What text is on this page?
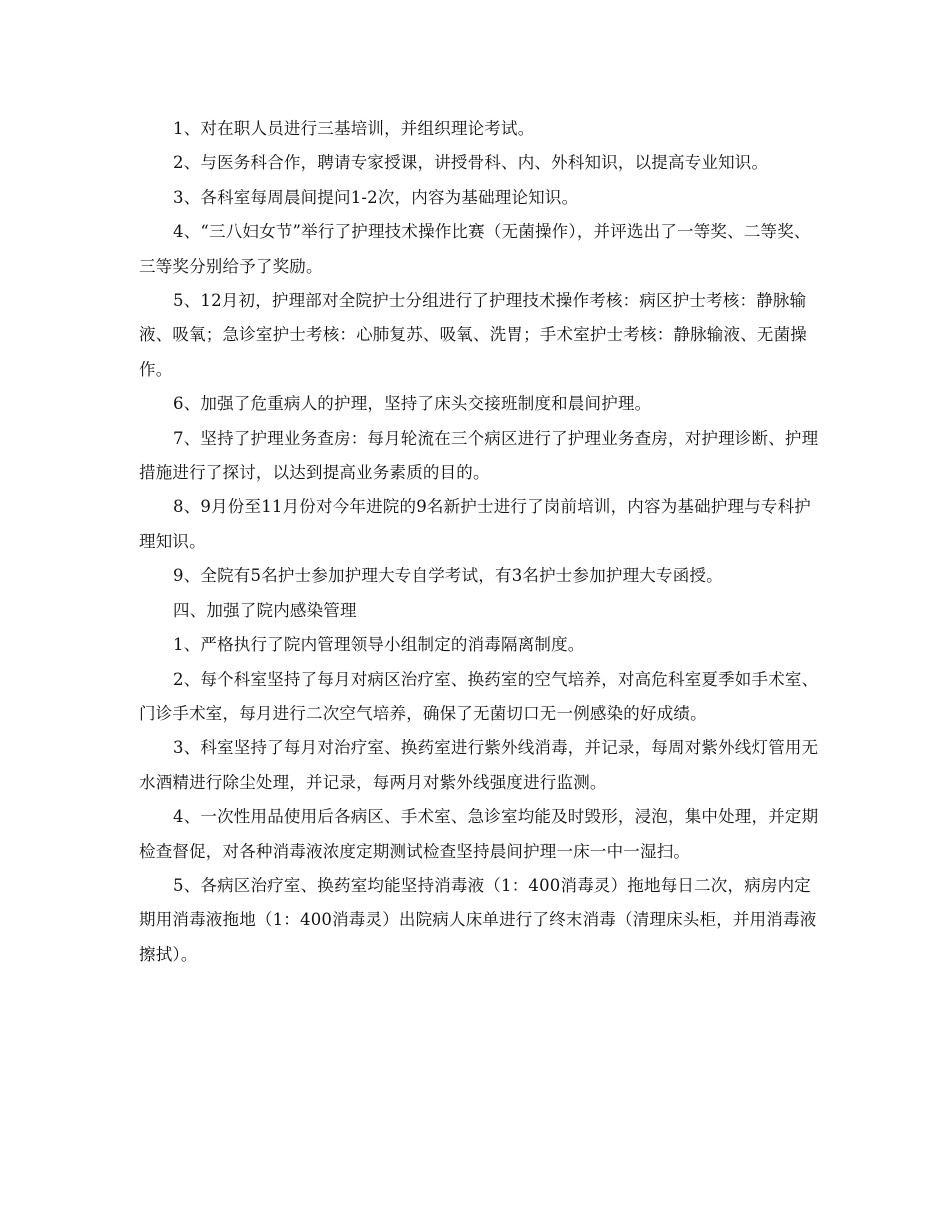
1、对在职人员进行三基培训，并组织理论考试。

2、与医务科合作，聘请专家授课，讲授骨科、内、外科知识，以提高专业知识。

3、各科室每周晨间提问1-2次，内容为基础理论知识。

4、“三八妇女节”举行了护理技术操作比赛（无菌操作），并评选出了一等奖、二等奖、三等奖分别给予了奖励。

5、12月初，护理部对全院护士分组进行了护理技术操作考核：病区护士考核：静脉输液、吸氧；急诊室护士考核：心肺复苏、吸氧、洗胃；手术室护士考核：静脉输液、无菌操作。

6、加强了危重病人的护理，坚持了床头交接班制度和晨间护理。

7、坚持了护理业务查房：每月轮流在三个病区进行了护理业务查房，对护理诊断、护理措施进行了探讨，以达到提高业务素质的目的。

8、9月份至11月份对今年进院的9名新护士进行了岗前培训，内容为基础护理与专科护理知识。

9、全院有5名护士参加护理大专自学考试，有3名护士参加护理大专函授。

四、加强了院内感染管理

1、严格执行了院内管理领导小组制定的消毒隔离制度。

2、每个科室坚持了每月对病区治疗室、换药室的空气培养，对高危科室夏季如手术室、门诊手术室，每月进行二次空气培养，确保了无菌切口无一例感染的好成绩。

3、科室坚持了每月对治疗室、换药室进行紫外线消毒，并记录，每周对紫外线灯管用无水酒精进行除尘处理，并记录，每两月对紫外线强度进行监测。

4、一次性用品使用后各病区、手术室、急诊室均能及时毁形，浸泡，集中处理，并定期检查督促，对各种消毒液浓度定期测试检查坚持晨间护理一床一中一湿扫。

5、各病区治疗室、换药室均能坚持消毒液（1：400消毒灵）拖地每日二次，病房内定期用消毒液拖地（1：400消毒灵）出院病人床单进行了终末消毒（清理床头柜，并用消毒液擦拭）。
